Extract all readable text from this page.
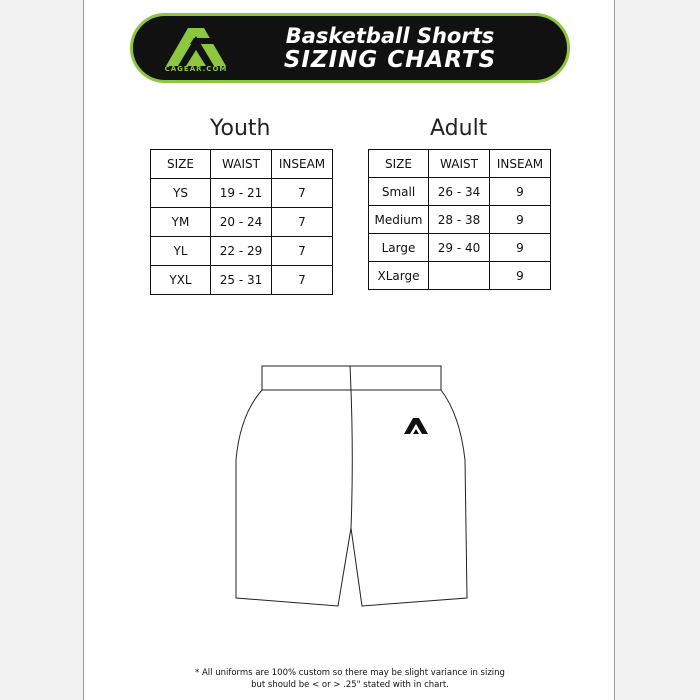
CAGEAR.COM
Basketball Shorts
SIZING CHARTS
Youth	Adult
SIZE	WAIST	INSEAM
YS	19 - 21	7
YM	20 - 24	7
YL	22 - 29	7
YXL	25 - 31	7
SIZE	WAIST	INSEAM
Small	26 - 34	9
Medium	28 - 38	9
Large	29 - 40	9
XLarge		9
* All uniforms are 100% custom so there may be slight variance in sizing
but should be < or > .25" stated with in chart.
